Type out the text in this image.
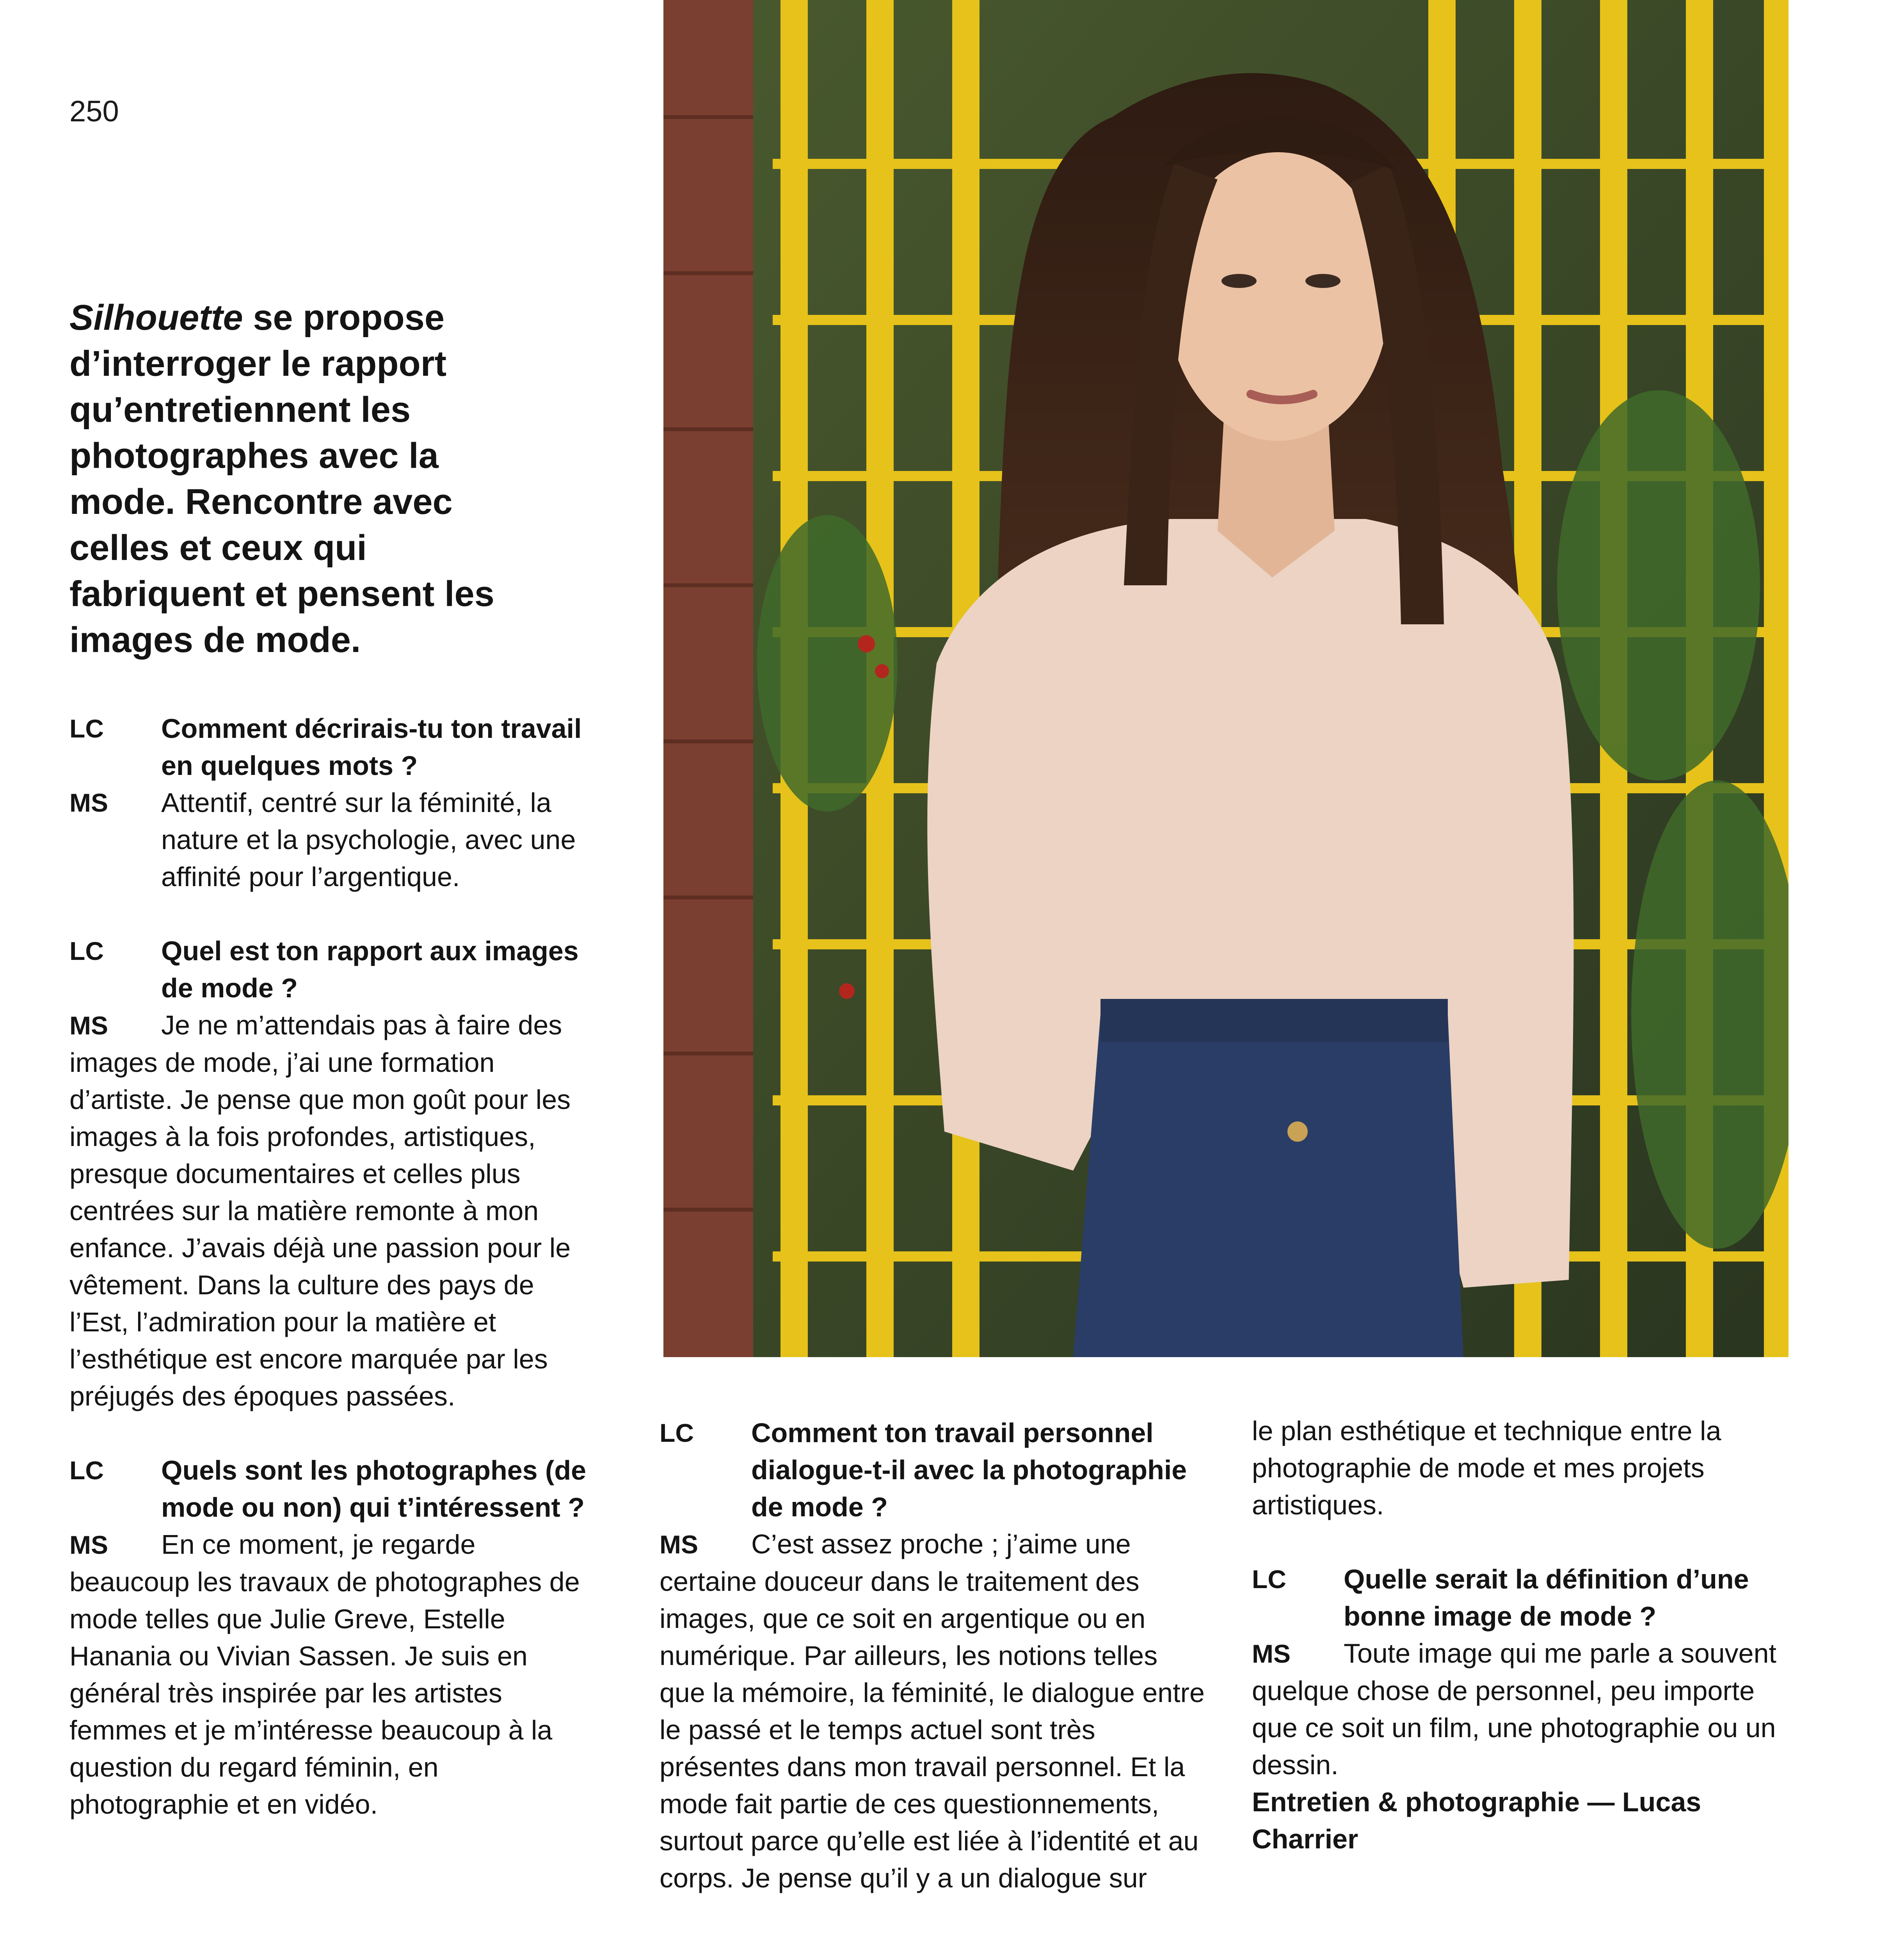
250
Silhouette se propose d’interroger le rapport qu’entretiennent les photographes avec la mode. Rencontre avec celles et ceux qui fabriquent et pensent les images de mode.
LC	Comment décrirais-tu ton travail en quelques mots ?
MS	Attentif, centré sur la féminité, la nature et la psychologie, avec une affinité pour l’argentique.
LC	Quel est ton rapport aux images de mode ?
MS Je ne m’attendais pas à faire des images de mode, j’ai une formation d’artiste. Je pense que mon goût pour les images à la fois profondes, artistiques, presque documentaires et celles plus centrées sur la matière remonte à mon enfance. J’avais déjà une passion pour le vêtement. Dans la culture des pays de l’Est, l’admiration pour la matière et l’esthétique est encore marquée par les préjugés des époques passées.
LC	Quels sont les photographes (de mode ou non) qui t’intéressent ?
MS En ce moment, je regarde beaucoup les travaux de photographes de mode telles que Julie Greve, Estelle Hanania ou Vivian Sassen. Je suis en général très inspirée par les artistes femmes et je m’intéresse beaucoup à la question du regard féminin, en photographie et en vidéo.
LC	Comment ton travail personnel dialogue-t-il avec la photographie de mode ?
MS C’est assez proche ; j’aime une certaine douceur dans le traitement des images, que ce soit en argentique ou en numérique. Par ailleurs, les notions telles que la mémoire, la féminité, le dialogue entre le passé et le temps actuel sont très présentes dans mon travail personnel. Et la mode fait partie de ces questionnements, surtout parce qu’elle est liée à l’identité et au corps. Je pense qu’il y a un dialogue sur
le plan esthétique et technique entre la photographie de mode et mes projets artistiques.
LC	Quelle serait la définition d’une bonne image de mode ?
MS Toute image qui me parle a souvent quelque chose de personnel, peu importe que ce soit un film, une photographie ou un dessin.
Entretien & photographie — Lucas Charrier
